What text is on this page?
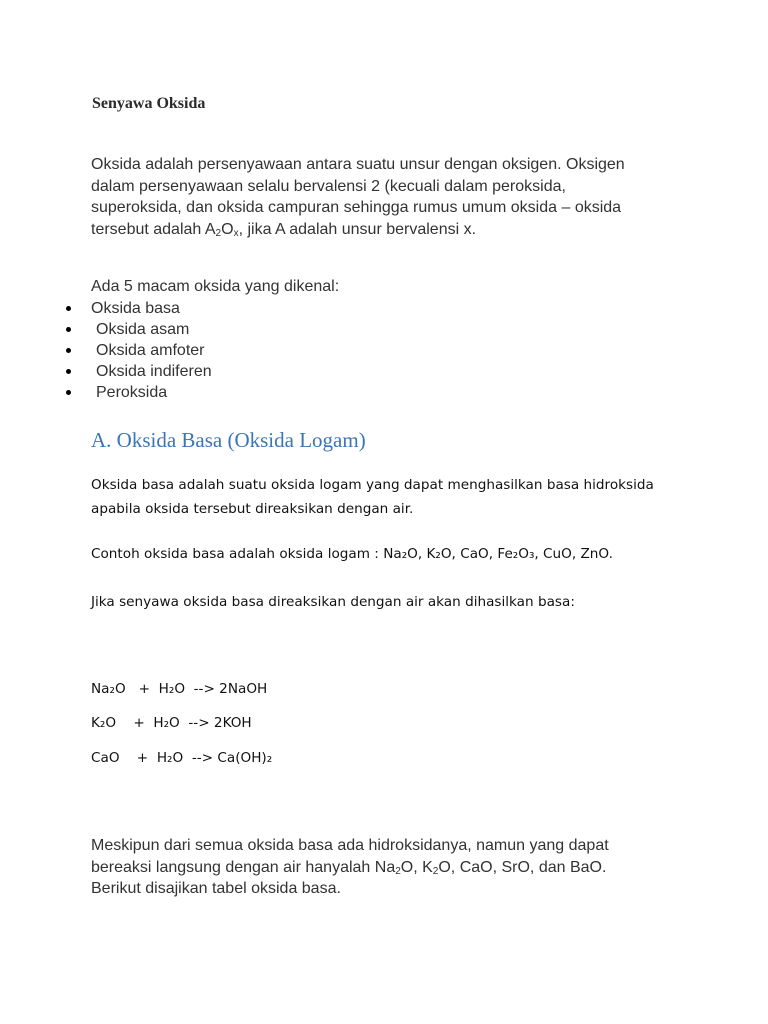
Senyawa Oksida
Oksida adalah persenyawaan antara suatu unsur dengan oksigen. Oksigen
dalam persenyawaan selalu bervalensi 2 (kecuali dalam peroksida,
superoksida, dan oksida campuran sehingga rumus umum oksida – oksida
tersebut adalah $A_2O_x$, jika A adalah unsur bervalensi x.
Ada 5 macam oksida yang dikenal:
Oksida basa
Oksida asam
Oksida amfoter
Oksida indiferen
Peroksida
A. Oksida Basa (Oksida Logam)
Oksida basa adalah suatu oksida logam yang dapat menghasilkan basa hidroksida
apabila oksida tersebut direaksikan dengan air.
Contoh oksida basa adalah oksida logam : Na₂O, K₂O, CaO, Fe₂O₃, CuO, ZnO.
Jika senyawa oksida basa direaksikan dengan air akan dihasilkan basa:
Na₂O   +  H₂O  --> 2NaOH
K₂O    +  H₂O  --> 2KOH
CaO    +  H₂O  --> Ca(OH)₂
Meskipun dari semua oksida basa ada hidroksidanya, namun yang dapat
bereaksi langsung dengan air hanyalah $Na_2O$, $K_2O$, CaO, SrO, dan BaO.
Berikut disajikan tabel oksida basa.
